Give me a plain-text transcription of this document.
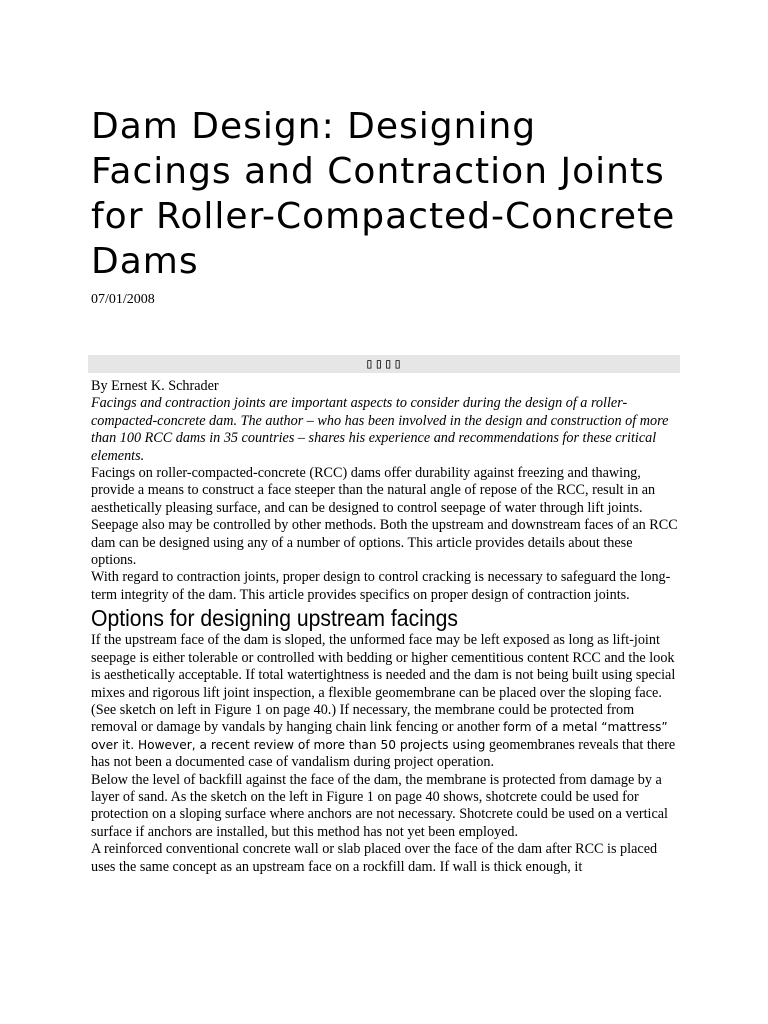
Dam Design: Designing Facings and Contraction Joints for Roller-Compacted-Concrete Dams
07/01/2008
▯▯▯▯

By Ernest K. Schrader

Facings and contraction joints are important aspects to consider during the design of a roller-compacted-concrete dam. The author – who has been involved in the design and construction of more than 100 RCC dams in 35 countries – shares his experience and recommendations for these critical elements.

Facings on roller-compacted-concrete (RCC) dams offer durability against freezing and thawing, provide a means to construct a face steeper than the natural angle of repose of the RCC, result in an aesthetically pleasing surface, and can be designed to control seepage of water through lift joints. Seepage also may be controlled by other methods. Both the upstream and downstream faces of an RCC dam can be designed using any of a number of options. This article provides details about these options.

With regard to contraction joints, proper design to control cracking is necessary to safeguard the long-term integrity of the dam. This article provides specifics on proper design of contraction joints.

Options for designing upstream facings

If the upstream face of the dam is sloped, the unformed face may be left exposed as long as lift-joint seepage is either tolerable or controlled with bedding or higher cementitious content RCC and the look is aesthetically acceptable. If total watertightness is needed and the dam is not being built using special mixes and rigorous lift joint inspection, a flexible geomembrane can be placed over the sloping face. (See sketch on left in Figure 1 on page 40.) If necessary, the membrane could be protected from removal or damage by vandals by hanging chain link fencing or another form of a metal “mattress” over it. However, a recent review of more than 50 projects using geomembranes reveals that there has not been a documented case of vandalism during project operation.

Below the level of backfill against the face of the dam, the membrane is protected from damage by a layer of sand. As the sketch on the left in Figure 1 on page 40 shows, shotcrete could be used for protection on a sloping surface where anchors are not necessary. Shotcrete could be used on a vertical surface if anchors are installed, but this method has not yet been employed.

A reinforced conventional concrete wall or slab placed over the face of the dam after RCC is placed uses the same concept as an upstream face on a rockfill dam. If wall is thick enough, it
